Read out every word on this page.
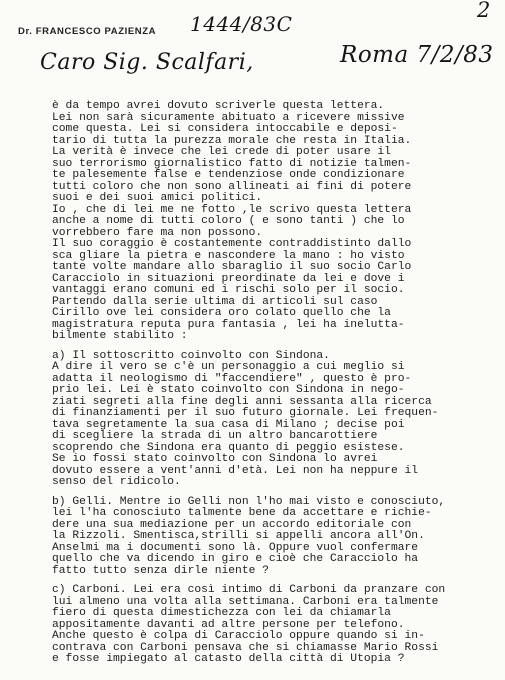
Dr. FRANCESCO PAZIENZA 1444/83C
Caro Sig. Scalfari,	Roma 7/2/83
2
è da tempo avrei dovuto scriverle questa lettera.
Lei non sarà sicuramente abituato a ricevere missive
come questa. Lei si considera intoccabile e deposi-
tario di tutta la purezza morale che resta in Italia.
La verità è invece che lei crede di poter usare il
suo terrorismo giornalistico fatto di notizie talmen-
te palesemente false e tendenziose onde condizionare
tutti coloro che non sono allineati ai fini di potere
suoi e dei suoi amici politici.
Io , che di lei me ne fotto ,le scrivo questa lettera
anche a nome di tutti coloro ( e sono tanti ) che lo
vorrebbero fare ma non possono.
Il suo coraggio è costantemente contraddistinto dallo
sca gliare la pietra e nascondere la mano : ho visto
tante volte mandare allo sbaraglio il suo socio Carlo
Caracciolo in situazioni preordinate da lei e dove i
vantaggi erano comuni ed i rischi solo per il socio.
Partendo dalla serie ultima di articoli sul caso
Cirillo ove lei considera oro colato quello che la
magistratura reputa pura fantasia , lei ha inelutta-
bilmente stabilito :
a) Il sottoscritto coinvolto con Sindona.
A dire il vero se c'è un personaggio a cui meglio si
adatta il neologismo di "faccendiere" , questo è pro-
prio lei. Lei è stato coinvolto con Sindona in nego-
ziati segreti alla fine degli anni sessanta alla ricerca
di finanziamenti per il suo futuro giornale. Lei frequen-
tava segretamente la sua casa di Milano ; decise poi
di scegliere la strada di un altro bancarottiere
scoprendo che Sindona era quanto di peggio esistese.
Se io fossi stato coinvolto con Sindona lo avrei
dovuto essere a vent'anni d'età. Lei non ha neppure il
senso del ridicolo.
b) Gelli. Mentre io Gelli non l'ho mai visto e conosciuto,
lei l'ha conosciuto talmente bene da accettare e richie-
dere una sua mediazione per un accordo editoriale con
la Rizzoli. Smentisca,strilli si appelli ancora all'On.
Anselmi ma i documenti sono là. Oppure vuol confermare
quello che va dicendo in giro e cioè che Caracciolo ha
fatto tutto senza dirle niente ?
c) Carboni. Lei era così intimo di Carboni da pranzare con
lui almeno una volta alla settimana. Carboni era talmente
fiero di questa dimestichezza con lei da chiamarla
appositamente davanti ad altre persone per telefono.
Anche questo è colpa di Caracciolo oppure quando si in-
contrava con Carboni pensava che si chiamasse Mario Rossi
e fosse impiegato al catasto della città di Utopia ?
